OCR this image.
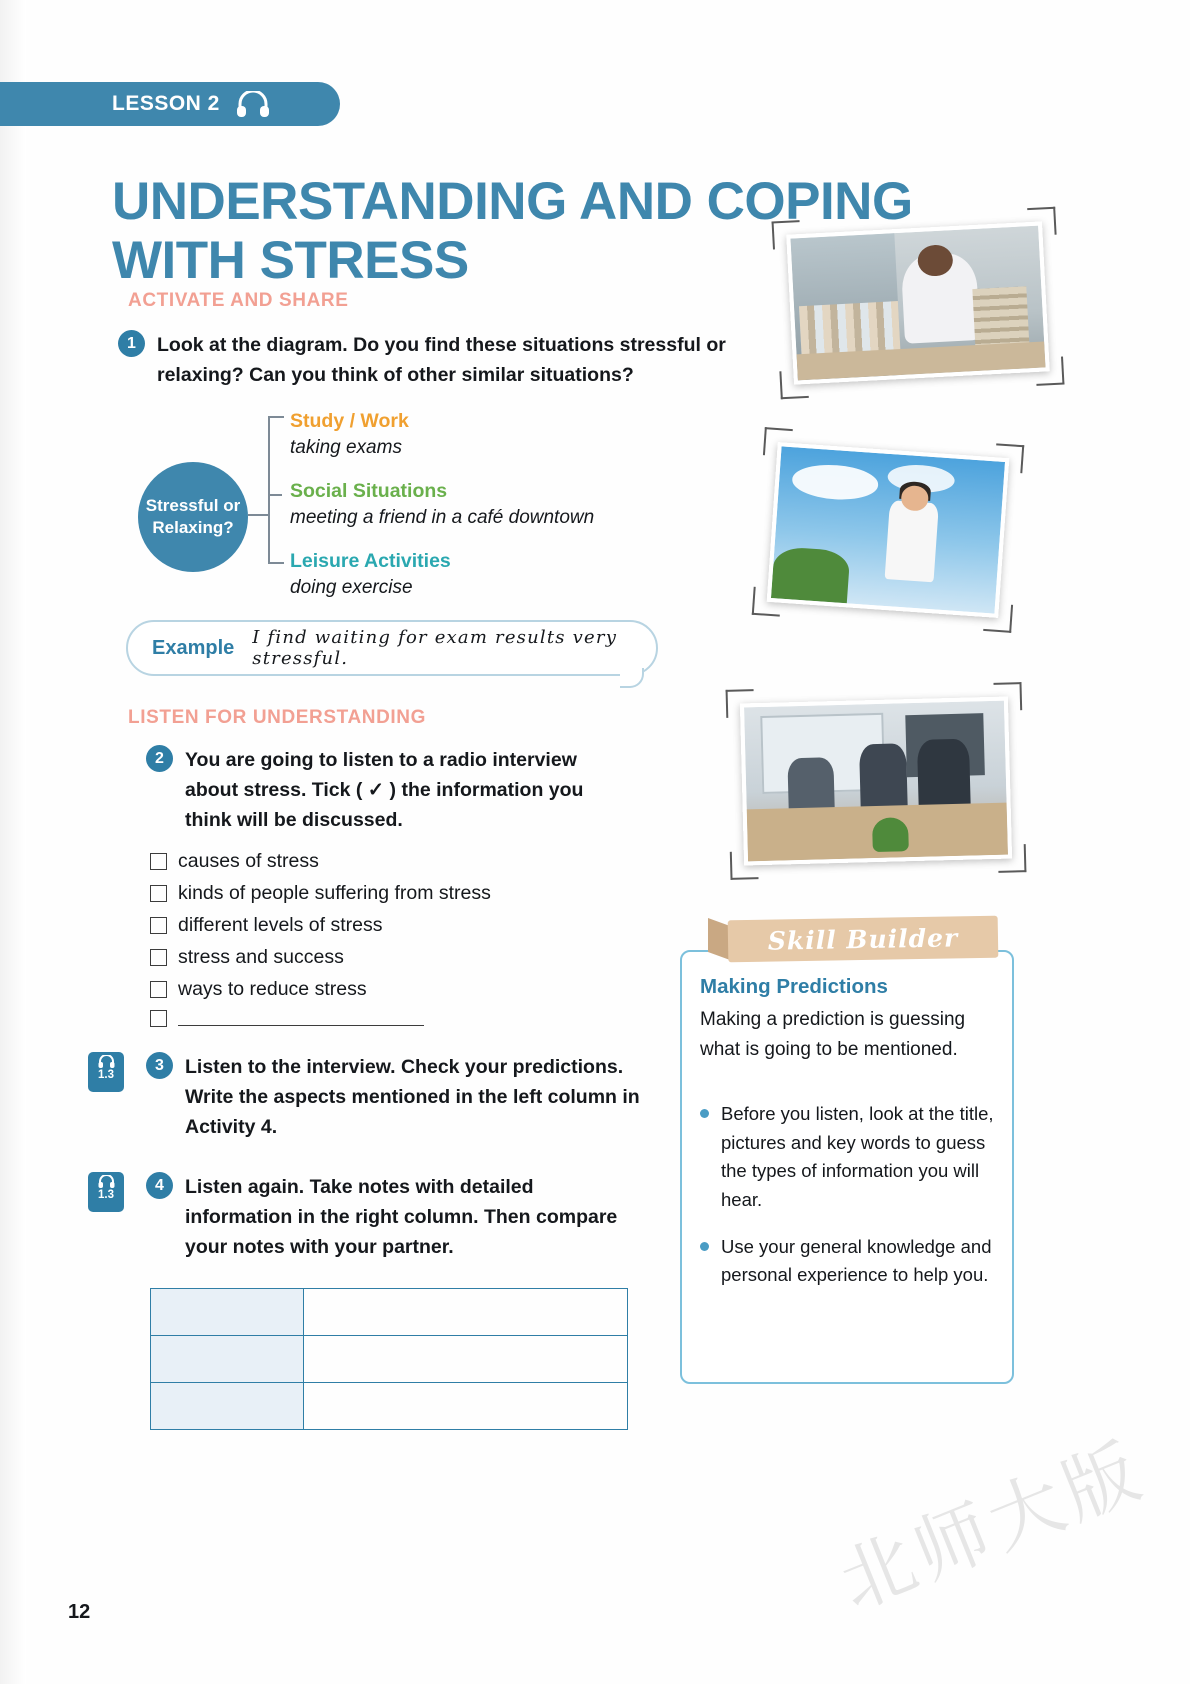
LESSON 2
UNDERSTANDING AND COPING WITH STRESS
ACTIVATE AND SHARE
1	Look at the diagram. Do you find these situations stressful or relaxing? Can you think of other similar situations?
Stressful or Relaxing?
Study / Work
taking exams
Social Situations
meeting a friend in a café downtown
Leisure Activities
doing exercise
Example I find waiting for exam results very stressful.
LISTEN FOR UNDERSTANDING
2	You are going to listen to a radio interview about stress. Tick ( ✓ ) the information you think will be discussed.
causes of stress
kinds of people suffering from stress
different levels of stress
stress and success
ways to reduce stress
1.3
3	Listen to the interview. Check your predictions. Write the aspects mentioned in the left column in Activity 4.
1.3
4	Listen again. Take notes with detailed information in the right column. Then compare your notes with your partner.

Skill Builder
Making Predictions
Making a prediction is guessing what is going to be mentioned.
Before you listen, look at the title, pictures and key words to guess the types of information you will hear.
Use your general knowledge and personal experience to help you.
北师大版
12
